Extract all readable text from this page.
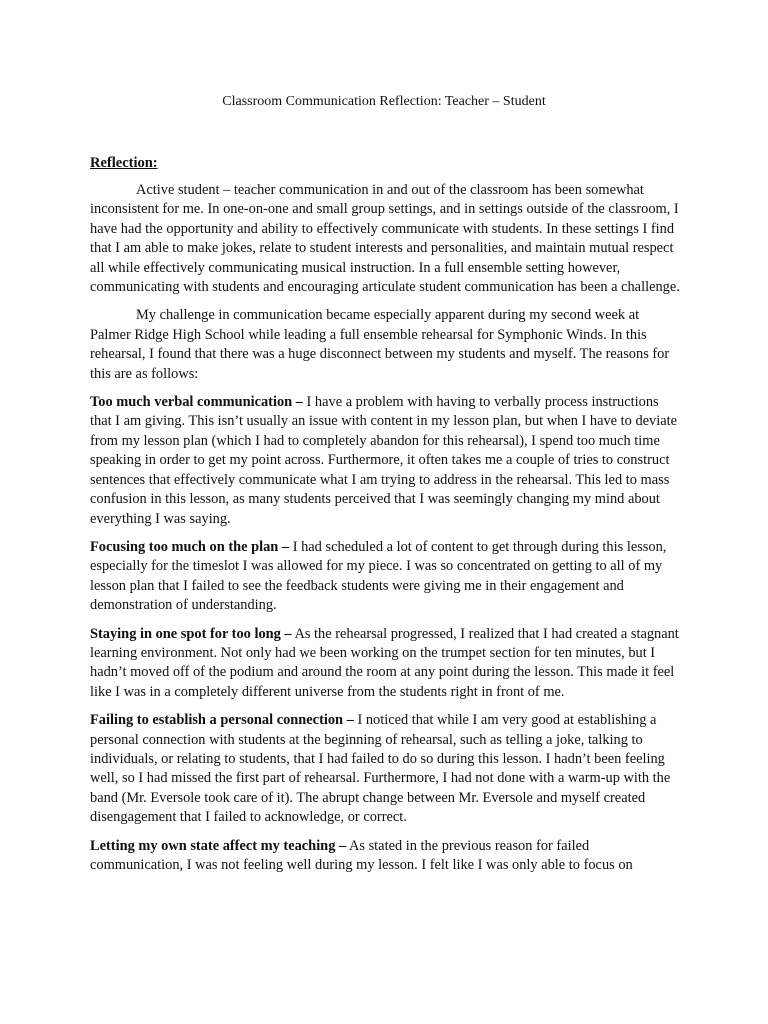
Classroom Communication Reflection: Teacher – Student
Reflection:

Active student – teacher communication in and out of the classroom has been somewhat inconsistent for me. In one-on-one and small group settings, and in settings outside of the classroom, I have had the opportunity and ability to effectively communicate with students. In these settings I find that I am able to make jokes, relate to student interests and personalities, and maintain mutual respect all while effectively communicating musical instruction. In a full ensemble setting however, communicating with students and encouraging articulate student communication has been a challenge.

My challenge in communication became especially apparent during my second week at Palmer Ridge High School while leading a full ensemble rehearsal for Symphonic Winds. In this rehearsal, I found that there was a huge disconnect between my students and myself. The reasons for this are as follows:

Too much verbal communication – I have a problem with having to verbally process instructions that I am giving. This isn’t usually an issue with content in my lesson plan, but when I have to deviate from my lesson plan (which I had to completely abandon for this rehearsal), I spend too much time speaking in order to get my point across. Furthermore, it often takes me a couple of tries to construct sentences that effectively communicate what I am trying to address in the rehearsal. This led to mass confusion in this lesson, as many students perceived that I was seemingly changing my mind about everything I was saying.

Focusing too much on the plan – I had scheduled a lot of content to get through during this lesson, especially for the timeslot I was allowed for my piece. I was so concentrated on getting to all of my lesson plan that I failed to see the feedback students were giving me in their engagement and demonstration of understanding.

Staying in one spot for too long – As the rehearsal progressed, I realized that I had created a stagnant learning environment. Not only had we been working on the trumpet section for ten minutes, but I hadn’t moved off of the podium and around the room at any point during the lesson. This made it feel like I was in a completely different universe from the students right in front of me.

Failing to establish a personal connection – I noticed that while I am very good at establishing a personal connection with students at the beginning of rehearsal, such as telling a joke, talking to individuals, or relating to students, that I had failed to do so during this lesson. I hadn’t been feeling well, so I had missed the first part of rehearsal. Furthermore, I had not done with a warm-up with the band (Mr. Eversole took care of it). The abrupt change between Mr. Eversole and myself created disengagement that I failed to acknowledge, or correct.

Letting my own state affect my teaching – As stated in the previous reason for failed communication, I was not feeling well during my lesson. I felt like I was only able to focus on
